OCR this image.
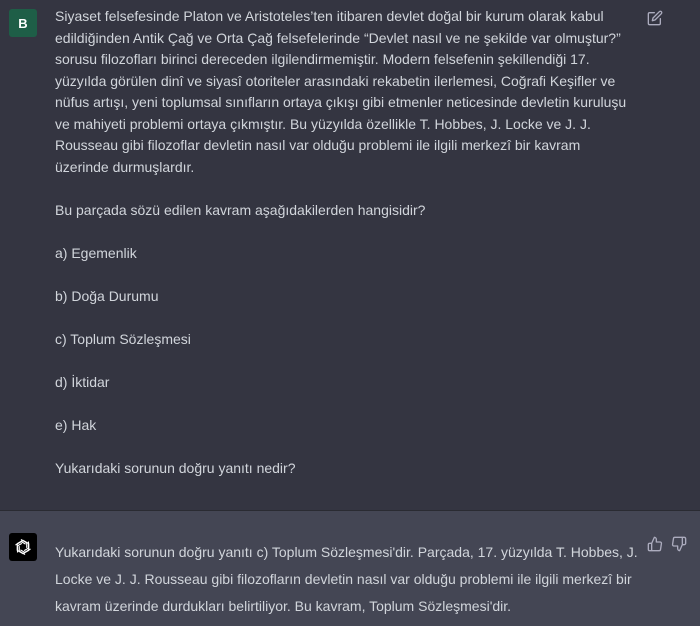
B Siyaset felsefesinde Platon ve Aristoteles’ten itibaren devlet doğal bir kurum olarak kabul edildiğinden Antik Çağ ve Orta Çağ felsefelerinde “Devlet nasıl ve ne şekilde var olmuştur?” sorusu filozofları birinci dereceden ilgilendirmemiştir. Modern felsefenin şekillendiği 17. yüzyılda görülen dinî ve siyasî otoriteler arasındaki rekabetin ilerlemesi, Coğrafi Keşifler ve nüfus artışı, yeni toplumsal sınıfların ortaya çıkışı gibi etmenler neticesinde devletin kuruluşu ve mahiyeti problemi ortaya çıkmıştır. Bu yüzyılda özellikle T. Hobbes, J. Locke ve J. J. Rousseau gibi filozoflar devletin nasıl var olduğu problemi ile ilgili merkezî bir kavram üzerinde durmuşlardır.

Bu parçada sözü edilen kavram aşağıdakilerden hangisidir?

a) Egemenlik

b) Doğa Durumu

c) Toplum Sözleşmesi

d) İktidar

e) Hak

Yukarıdaki sorunun doğru yanıtı nedir?

Yukarıdaki sorunun doğru yanıtı c) Toplum Sözleşmesi'dir. Parçada, 17. yüzyılda T. Hobbes, J. Locke ve J. J. Rousseau gibi filozofların devletin nasıl var olduğu problemi ile ilgili merkezî bir kavram üzerinde durdukları belirtiliyor. Bu kavram, Toplum Sözleşmesi'dir.
